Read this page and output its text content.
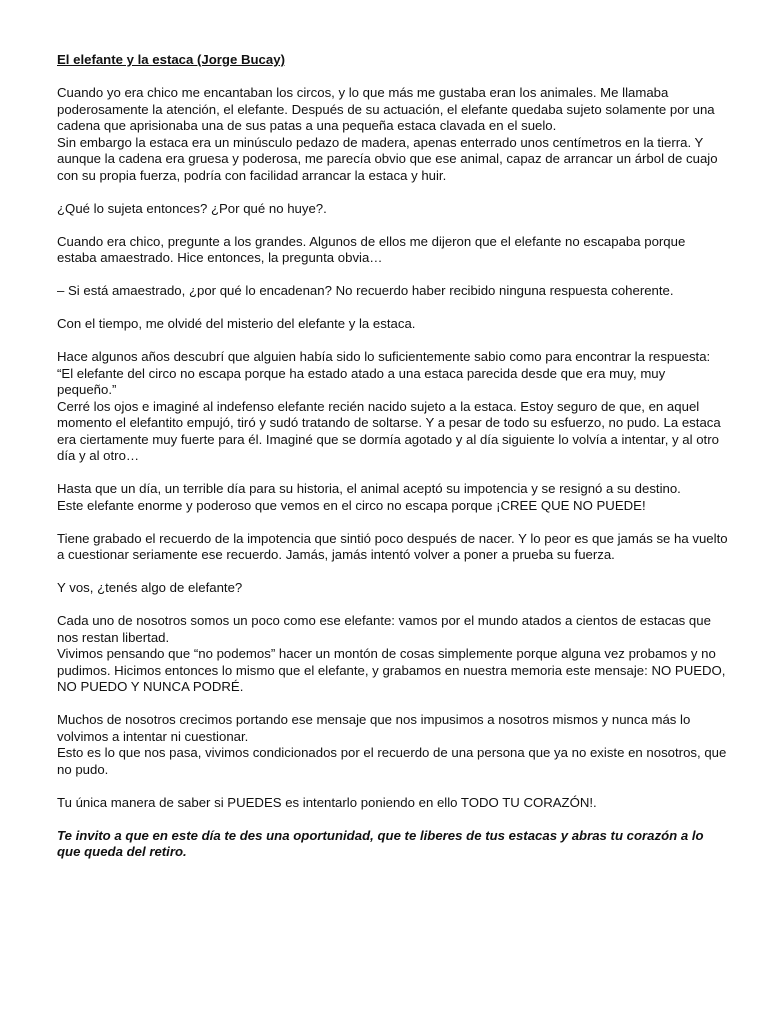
El elefante y la estaca (Jorge Bucay)
Cuando yo era chico me encantaban los circos, y lo que más me gustaba eran los animales. Me llamaba poderosamente la atención, el elefante. Después de su actuación, el elefante quedaba sujeto solamente por una cadena que aprisionaba una de sus patas a una pequeña estaca clavada en el suelo.
Sin embargo la estaca era un minúsculo pedazo de madera, apenas enterrado unos centímetros en la tierra. Y aunque la cadena era gruesa y poderosa, me parecía obvio que ese animal, capaz de arrancar un árbol de cuajo con su propia fuerza, podría con facilidad arrancar la estaca y huir.
¿Qué lo sujeta entonces? ¿Por qué no huye?.
Cuando era chico, pregunte a los grandes. Algunos de ellos me dijeron que el elefante no escapaba porque estaba amaestrado. Hice entonces, la pregunta obvia…
– Si está amaestrado, ¿por qué lo encadenan? No recuerdo haber recibido ninguna respuesta coherente.
Con el tiempo, me olvidé del misterio del elefante y la estaca.
Hace algunos años descubrí que alguien había sido lo suficientemente sabio como para encontrar la respuesta: “El elefante del circo no escapa porque ha estado atado a una estaca parecida desde que era muy, muy pequeño.”
Cerré los ojos e imaginé al indefenso elefante recién nacido sujeto a la estaca. Estoy seguro de que, en aquel momento el elefantito empujó, tiró y sudó tratando de soltarse. Y a pesar de todo su esfuerzo, no pudo. La estaca era ciertamente muy fuerte para él. Imaginé que se dormía agotado y al día siguiente lo volvía a intentar, y al otro día y al otro…
Hasta que un día, un terrible día para su historia, el animal aceptó su impotencia y se resignó a su destino.
Este elefante enorme y poderoso que vemos en el circo no escapa porque ¡CREE QUE NO PUEDE!
Tiene grabado el recuerdo de la impotencia que sintió poco después de nacer. Y lo peor es que jamás se ha vuelto a cuestionar seriamente ese recuerdo. Jamás, jamás intentó volver a poner a prueba su fuerza.
Y vos, ¿tenés algo de elefante?
Cada uno de nosotros somos un poco como ese elefante: vamos por el mundo atados a cientos de estacas que nos restan libertad.
Vivimos pensando que “no podemos” hacer un montón de cosas simplemente porque alguna vez probamos y no pudimos. Hicimos entonces lo mismo que el elefante, y grabamos en nuestra memoria este mensaje: NO PUEDO, NO PUEDO Y NUNCA PODRÉ.
Muchos de nosotros crecimos portando ese mensaje que nos impusimos a nosotros mismos y nunca más lo volvimos a intentar ni cuestionar.
Esto es lo que nos pasa, vivimos condicionados por el recuerdo de una persona que ya no existe en nosotros, que no pudo.
Tu única manera de saber si PUEDES es intentarlo poniendo en ello TODO TU CORAZÓN!.

Te invito a que en este día te des una oportunidad, que te liberes de tus estacas y abras tu corazón a lo que queda del retiro.
